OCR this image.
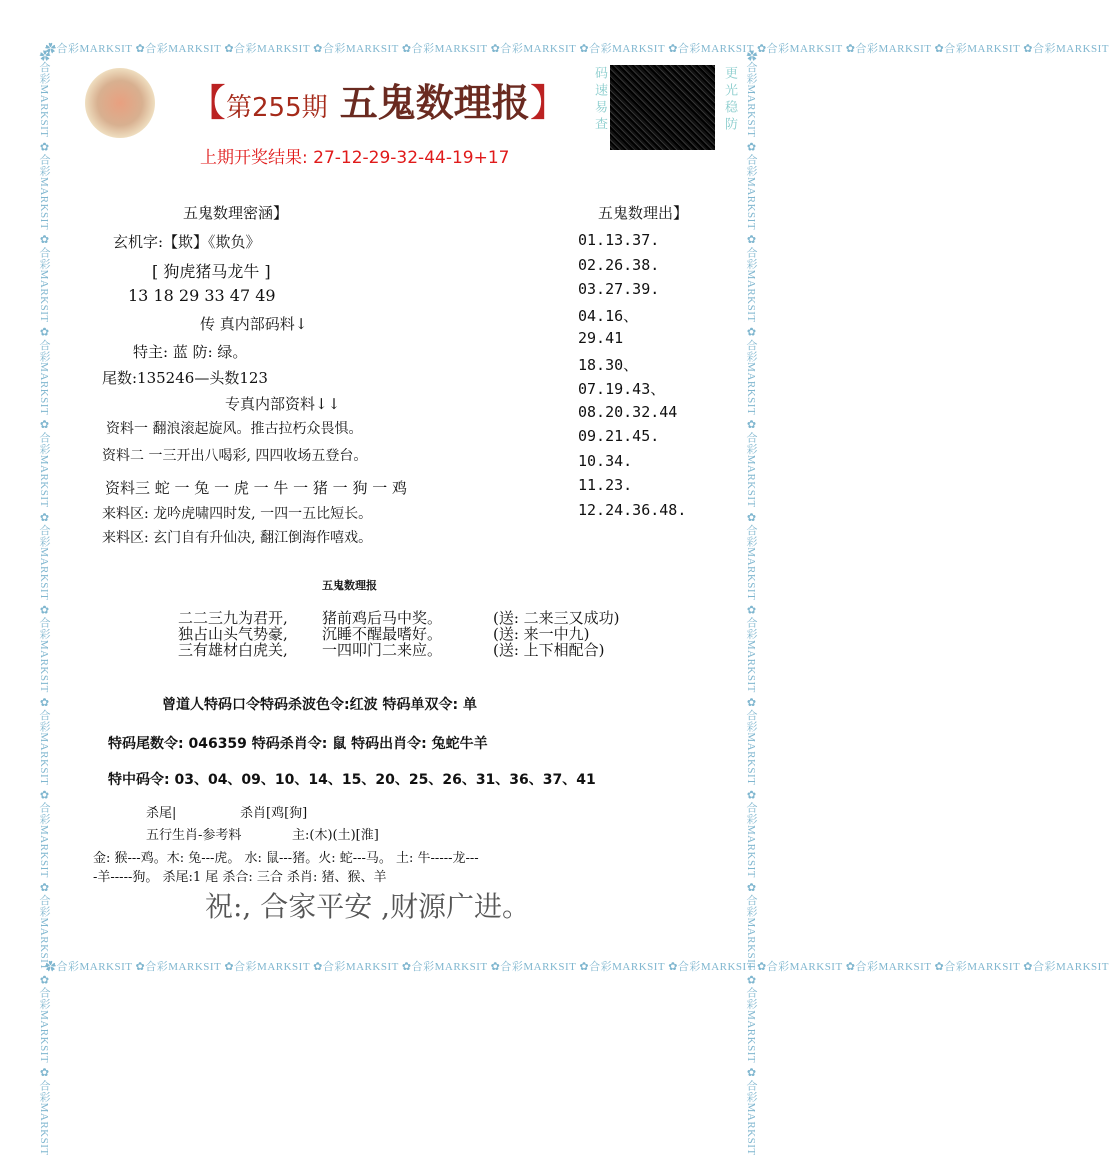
✿合彩MARKSIT ✿合彩MARKSIT ✿合彩MARKSIT ✿合彩MARKSIT ✿合彩MARKSIT ✿合彩MARKSIT ✿合彩MARKSIT ✿合彩MARKSIT ✿合彩MARKSIT ✿合彩MARKSIT ✿合彩MARKSIT ✿合彩MARKSIT
✿合彩MARKSIT ✿合彩MARKSIT ✿合彩MARKSIT ✿合彩MARKSIT ✿合彩MARKSIT ✿合彩MARKSIT ✿合彩MARKSIT ✿合彩MARKSIT ✿合彩MARKSIT ✿合彩MARKSIT ✿合彩MARKSIT ✿合彩MARKSIT
✿合彩MARKSIT ✿合彩MARKSIT ✿合彩MARKSIT ✿合彩MARKSIT ✿合彩MARKSIT ✿合彩MARKSIT ✿合彩MARKSIT ✿合彩MARKSIT ✿合彩MARKSIT ✿合彩MARKSIT ✿合彩MARKSIT ✿合彩MARKSIT	✿合彩MARKSIT ✿合彩MARKSIT ✿合彩MARKSIT ✿合彩MARKSIT ✿合彩MARKSIT ✿合彩MARKSIT ✿合彩MARKSIT ✿合彩MARKSIT ✿合彩MARKSIT ✿合彩MARKSIT ✿合彩MARKSIT ✿合彩MARKSIT
【第255期 五鬼数理报】
上期开奖结果: 27-12-29-32-44-19+17
码速易查	更光稳防
五鬼数理密涵】
玄机字:【欺】《欺负》
[ 狗虎猪马龙牛 ]
13 18 29 33 47 49
传 真内部码料↓
特主: 蓝 防: 绿。
尾数:135246—头数123
专真内部资料↓↓
资料一 翻浪滚起旋风。推古拉朽众畏惧。
资料二 一三开出八喝彩, 四四收场五登台。
资料三 蛇 一 兔 一 虎 一 牛 一 猪 一 狗 一 鸡
来料区: 龙吟虎啸四时发, 一四一五比短长。
来料区: 玄门自有升仙决, 翻江倒海作嘻戏。
五鬼数理出】
01.13.37.
02.26.38.
03.27.39.
04.16、
29.41
18.30、
07.19.43、
08.20.32.44
09.21.45.
10.34.
11.23.
12.24.36.48.
五鬼数理报
二二三九为君开, 猪前鸡后马中奖。	(送: 二来三又成功)
独占山头气势豪, 沉睡不醒最嗜好。	(送: 来一中九)
三有雄材白虎关, 一四叩门二来应。	(送: 上下相配合)
曾道人特码口令特码杀波色令:红波 特码单双令: 单
特码尾数令: 046359 特码杀肖令: 鼠 特码出肖令: 兔蛇牛羊
特中码令: 03、04、09、10、14、15、20、25、26、31、36、37、41
杀尾|	杀肖[鸡[狗]
五行生肖-参考料	主:(木)(土)[淮]
金: 猴---鸡。木: 兔---虎。 水: 鼠---猪。火: 蛇---马。 土: 牛-----龙---
-羊-----狗。 杀尾:1 尾 杀合: 三合 杀肖: 猪、猴、羊
祝:, 合家平安 ,财源广进。
